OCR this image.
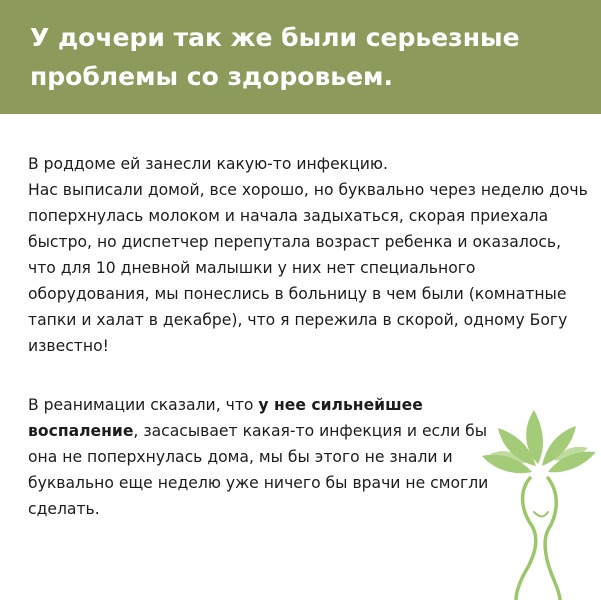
У дочери так же были серьезные проблемы со здоровьем.

В роддоме ей занесли какую-то инфекцию.
Нас выписали домой, все хорошо, но буквально через неделю дочь поперхнулась молоком и начала задыхаться, скорая приехала быстро, но диспетчер перепутала возраст ребенка и оказалось, что для 10 дневной малышки у них нет специального оборудования, мы понеслись в больницу в чем были (комнатные тапки и халат в декабре), что я пережила в скорой, одному Богу известно!

В реанимации сказали, что у нее сильнейшее воспаление, засасывает какая-то инфекция и если бы она не поперхнулась дома, мы бы этого не знали и буквально еще неделю уже ничего бы врачи не смогли сделать.
